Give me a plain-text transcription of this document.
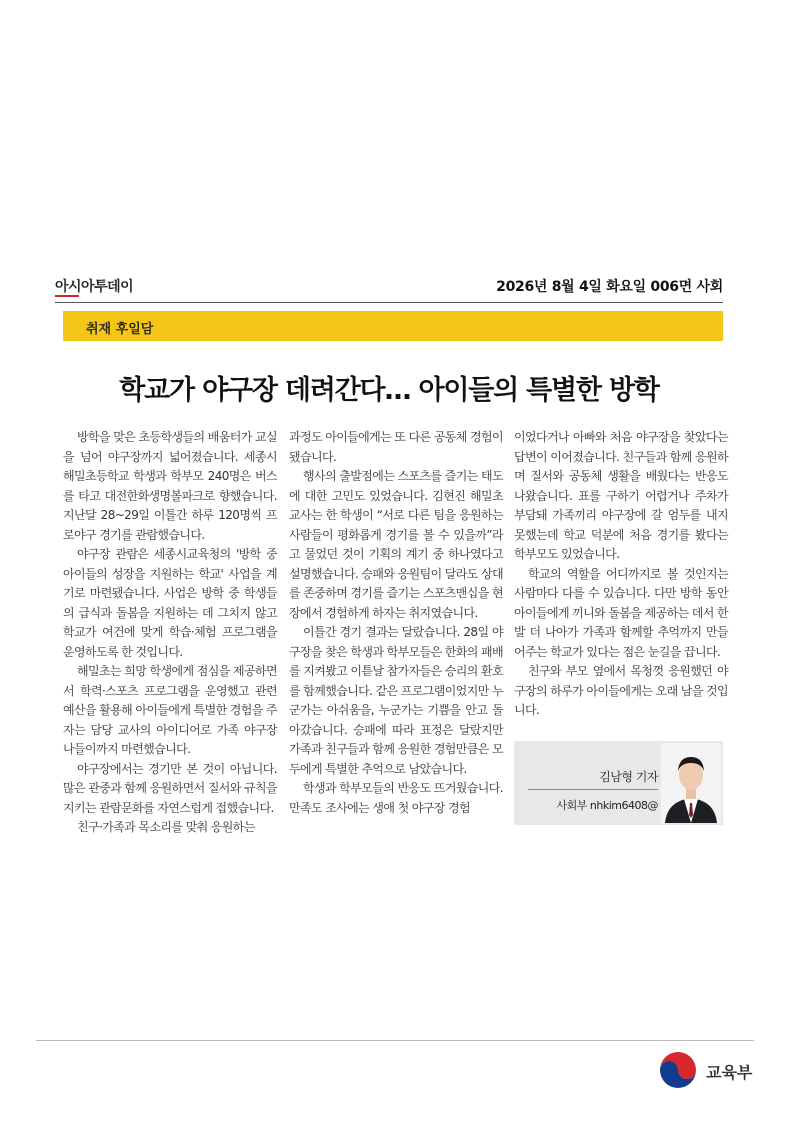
아시아투데이	2026년 8월 4일 화요일 006면 사회
취재 후일담
학교가 야구장 데려간다… 아이들의 특별한 방학

방학을 맞은 초등학생들의 배움터가 교실을 넘어 야구장까지 넓어졌습니다. 세종시 해밀초등학교 학생과 학부모 240명은 버스를 타고 대전한화생명볼파크로 향했습니다. 지난달 28~29일 이틀간 하루 120명씩 프로야구 경기를 관람했습니다.

야구장 관람은 세종시교육청의 '방학 중 아이들의 성장을 지원하는 학교' 사업을 계기로 마련됐습니다. 사업은 방학 중 학생들의 급식과 돌봄을 지원하는 데 그치지 않고 학교가 여건에 맞게 학습·체험 프로그램을 운영하도록 한 것입니다.

해밀초는 희망 학생에게 점심을 제공하면서 학력·스포츠 프로그램을 운영했고 관련 예산을 활용해 아이들에게 특별한 경험을 주자는 담당 교사의 아이디어로 가족 야구장 나들이까지 마련했습니다.

야구장에서는 경기만 본 것이 아닙니다. 많은 관중과 함께 응원하면서 질서와 규칙을 지키는 관람문화를 자연스럽게 접했습니다.

친구·가족과 목소리를 맞춰 응원하는

과정도 아이들에게는 또 다른 공동체 경험이 됐습니다.

행사의 출발점에는 스포츠를 즐기는 태도에 대한 고민도 있었습니다. 김현진 해밀초 교사는 한 학생이 “서로 다른 팀을 응원하는 사람들이 평화롭게 경기를 볼 수 있을까”라고 물었던 것이 기획의 계기 중 하나였다고 설명했습니다. 승패와 응원팀이 달라도 상대를 존중하며 경기를 즐기는 스포츠맨십을 현장에서 경험하게 하자는 취지였습니다.

이틀간 경기 결과는 달랐습니다. 28일 야구장을 찾은 학생과 학부모들은 한화의 패배를 지켜봤고 이튿날 참가자들은 승리의 환호를 함께했습니다. 같은 프로그램이었지만 누군가는 아쉬움을, 누군가는 기쁨을 안고 돌아갔습니다. 승패에 따라 표정은 달랐지만 가족과 친구들과 함께 응원한 경험만큼은 모두에게 특별한 추억으로 남았습니다.

학생과 학부모들의 반응도 뜨거웠습니다. 만족도 조사에는 생애 첫 야구장 경험

이었다거나 아빠와 처음 야구장을 찾았다는 답변이 이어졌습니다. 친구들과 함께 응원하며 질서와 공동체 생활을 배웠다는 반응도 나왔습니다. 표를 구하기 어렵거나 주차가 부담돼 가족끼리 야구장에 갈 엄두를 내지 못했는데 학교 덕분에 처음 경기를 봤다는 학부모도 있었습니다.

학교의 역할을 어디까지로 볼 것인지는 사람마다 다를 수 있습니다. 다만 방학 동안 아이들에게 끼니와 돌봄을 제공하는 데서 한발 더 나아가 가족과 함께할 추억까지 만들어주는 학교가 있다는 점은 눈길을 끕니다.

친구와 부모 옆에서 목청껏 응원했던 야구장의 하루가 아이들에게는 오래 남을 것입니다.

김남형 기자
사회부 nhkim6408@
교육부
